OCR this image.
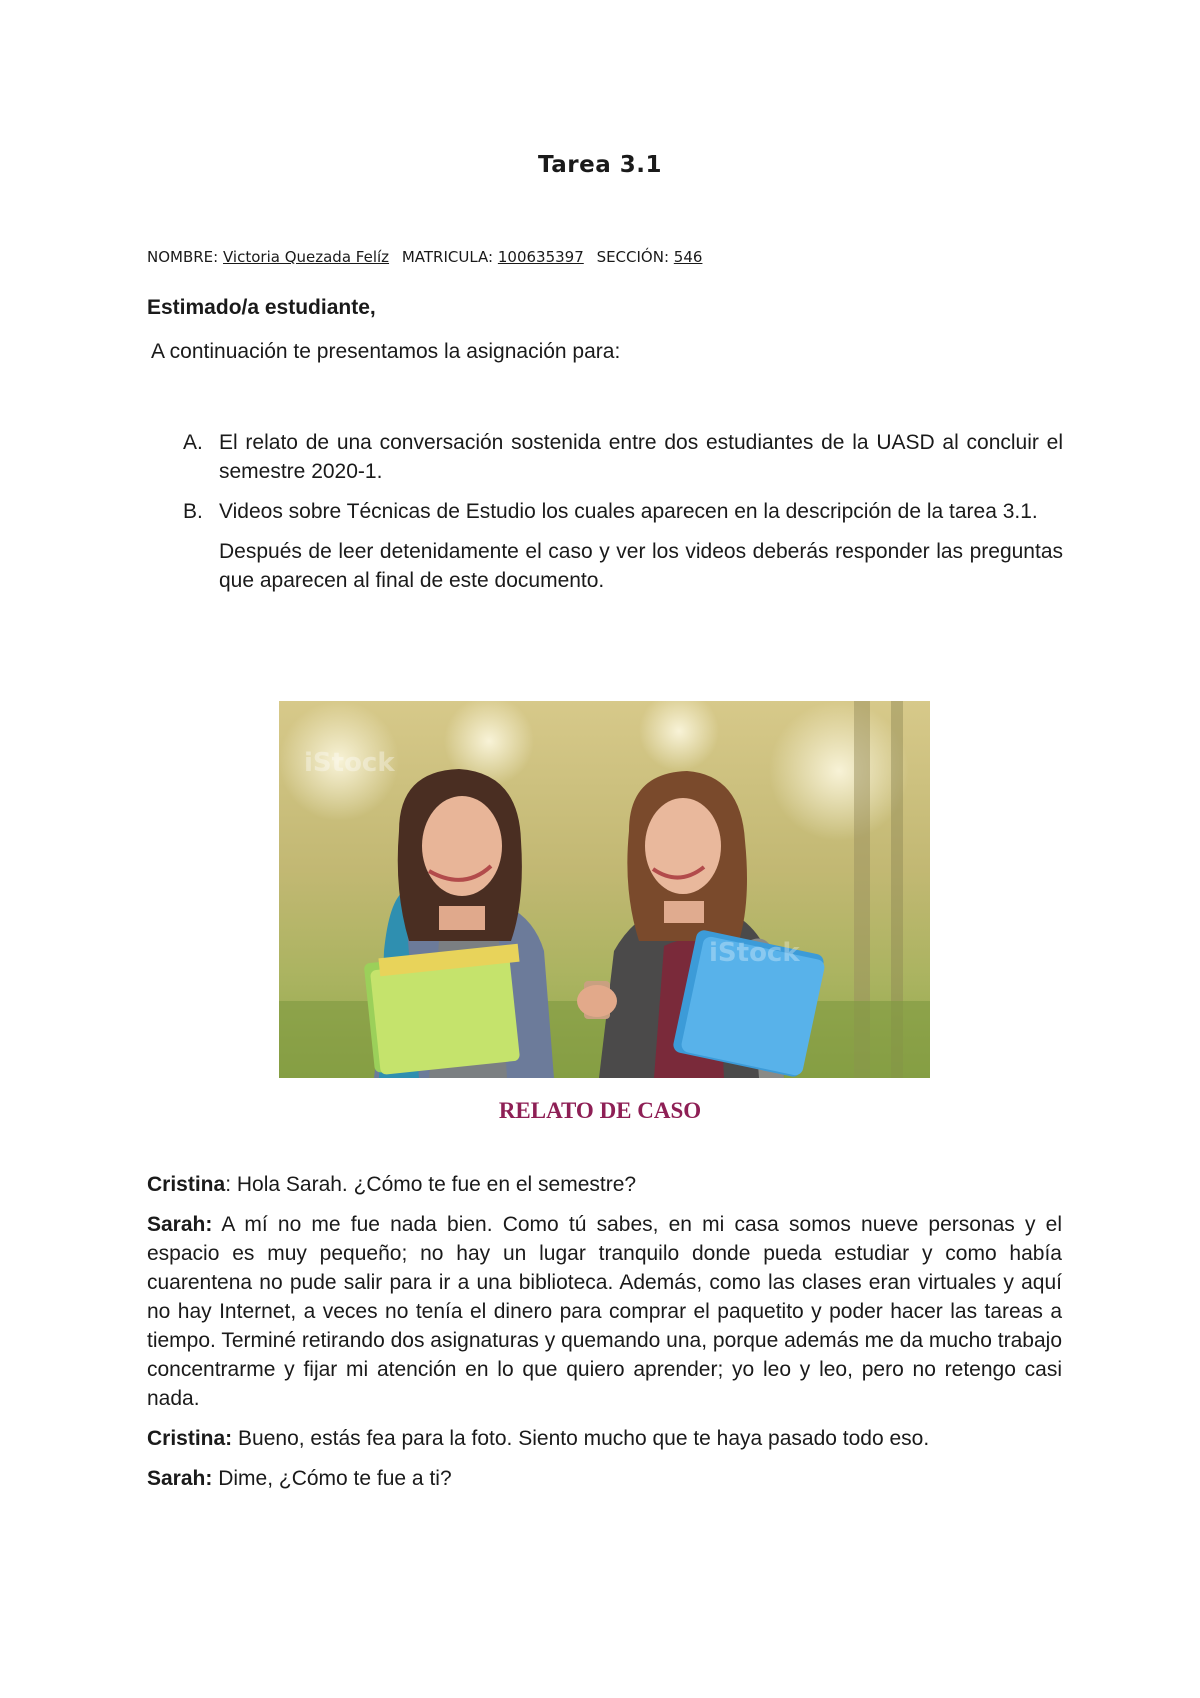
Tarea 3.1
NOMBRE: Victoria Quezada Felíz MATRICULA: 100635397 SECCIÓN: 546
Estimado/a estudiante,
A continuación te presentamos la asignación para:
A. El relato de una conversación sostenida entre dos estudiantes de la UASD al concluir el semestre 2020-1.
B. Videos sobre Técnicas de Estudio los cuales aparecen en la descripción de la tarea 3.1.
Después de leer detenidamente el caso y ver los videos deberás responder las preguntas que aparecen al final de este documento.
iStock
iStock
RELATO DE CASO

Cristina: Hola Sarah. ¿Cómo te fue en el semestre?

Sarah: A mí no me fue nada bien. Como tú sabes, en mi casa somos nueve personas y el espacio es muy pequeño; no hay un lugar tranquilo donde pueda estudiar y como había cuarentena no pude salir para ir a una biblioteca. Además, como las clases eran virtuales y aquí no hay Internet, a veces no tenía el dinero para comprar el paquetito y poder hacer las tareas a tiempo. Terminé retirando dos asignaturas y quemando una, porque además me da mucho trabajo concentrarme y fijar mi atención en lo que quiero aprender; yo leo y leo, pero no retengo casi nada.

Cristina: Bueno, estás fea para la foto. Siento mucho que te haya pasado todo eso.

Sarah: Dime, ¿Cómo te fue a ti?
